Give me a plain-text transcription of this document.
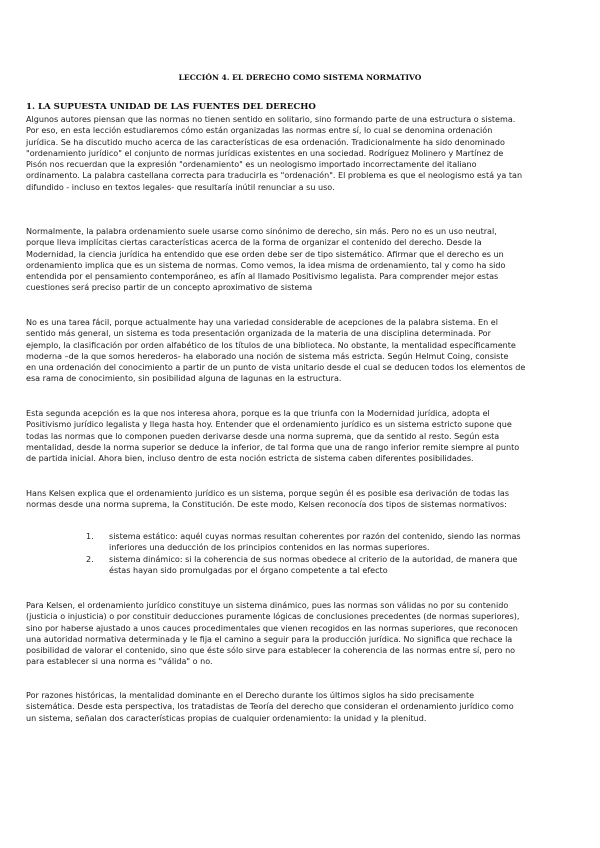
LECCIÓN 4. EL DERECHO COMO SISTEMA NORMATIVO
1. LA SUPUESTA UNIDAD DE LAS FUENTES DEL DERECHO
Algunos autores piensan que las normas no tienen sentido en solitario, sino formando parte de una estructura o sistema.
Por eso, en esta lección estudiaremos cómo están organizadas las normas entre sí, lo cual se denomina ordenación
jurídica. Se ha discutido mucho acerca de las características de esa ordenación. Tradicionalmente ha sido denominado
"ordenamiento jurídico" el conjunto de normas jurídicas existentes en una sociedad. Rodríguez Molinero y Martínez de
Pisón nos recuerdan que la expresión "ordenamiento" es un neologismo importado incorrectamente del italiano
ordinamento. La palabra castellana correcta para traducirla es "ordenación". El problema es que el neologismo está ya tan
difundido - incluso en textos legales- que resultaría inútil renunciar a su uso.
Normalmente, la palabra ordenamiento suele usarse como sinónimo de derecho, sin más. Pero no es un uso neutral,
porque lleva implícitas ciertas características acerca de la forma de organizar el contenido del derecho. Desde la
Modernidad, la ciencia jurídica ha entendido que ese orden debe ser de tipo sistemático. Afirmar que el derecho es un
ordenamiento implica que es un sistema de normas. Como vemos, la idea misma de ordenamiento, tal y como ha sido
entendida por el pensamiento contemporáneo, es afín al llamado Positivismo legalista. Para comprender mejor estas
cuestiones será preciso partir de un concepto aproximativo de sistema
No es una tarea fácil, porque actualmente hay una variedad considerable de acepciones de la palabra sistema. En el
sentido más general, un sistema es toda presentación organizada de la materia de una disciplina determinada. Por
ejemplo, la clasificación por orden alfabético de los títulos de una biblioteca. No obstante, la mentalidad específicamente
moderna –de la que somos herederos- ha elaborado una noción de sistema más estricta. Según Helmut Coing, consiste
en una ordenación del conocimiento a partir de un punto de vista unitario desde el cual se deducen todos los elementos de
esa rama de conocimiento, sin posibilidad alguna de lagunas en la estructura.
Esta segunda acepción es la que nos interesa ahora, porque es la que triunfa con la Modernidad jurídica, adopta el
Positivismo jurídico legalista y llega hasta hoy. Entender que el ordenamiento jurídico es un sistema estricto supone que
todas las normas que lo componen pueden derivarse desde una norma suprema, que da sentido al resto. Según esta
mentalidad, desde la norma superior se deduce la inferior, de tal forma que una de rango inferior remite siempre al punto
de partida inicial. Ahora bien, incluso dentro de esta noción estricta de sistema caben diferentes posibilidades.
Hans Kelsen explica que el ordenamiento jurídico es un sistema, porque según él es posible esa derivación de todas las
normas desde una norma suprema, la Constitución. De este modo, Kelsen reconocía dos tipos de sistemas normativos:
1. sistema estático: aquél cuyas normas resultan coherentes por razón del contenido, siendo las normas
inferiores una deducción de los principios contenidos en las normas superiores.
2. sistema dinámico: si la coherencia de sus normas obedece al criterio de la autoridad, de manera que
éstas hayan sido promulgadas por el órgano competente a tal efecto
Para Kelsen, el ordenamiento jurídico constituye un sistema dinámico, pues las normas son válidas no por su contenido
(justicia o injusticia) o por constituir deducciones puramente lógicas de conclusiones precedentes (de normas superiores),
sino por haberse ajustado a unos cauces procedimentales que vienen recogidos en las normas superiores, que reconocen
una autoridad normativa determinada y le fija el camino a seguir para la producción jurídica. No significa que rechace la
posibilidad de valorar el contenido, sino que éste sólo sirve para establecer la coherencia de las normas entre sí, pero no
para establecer si una norma es "válida" o no.
Por razones históricas, la mentalidad dominante en el Derecho durante los últimos siglos ha sido precisamente
sistemática. Desde esta perspectiva, los tratadistas de Teoría del derecho que consideran el ordenamiento jurídico como
un sistema, señalan dos características propias de cualquier ordenamiento: la unidad y la plenitud.
